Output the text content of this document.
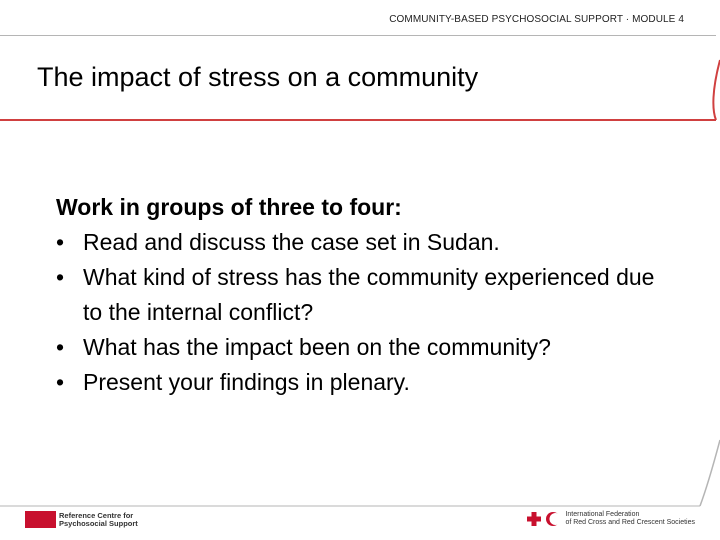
COMMUNITY-BASED PSYCHOSOCIAL SUPPORT · MODULE 4
The impact of stress on a community
Work in groups of three to four:
• Read and discuss the case set in Sudan.
• What kind of stress has the community experienced due to the internal conflict?
• What has the impact been on the community?
• Present your findings in plenary.
Reference Centre for
Psychosocial Support
International Federation
of Red Cross and Red Crescent Societies
